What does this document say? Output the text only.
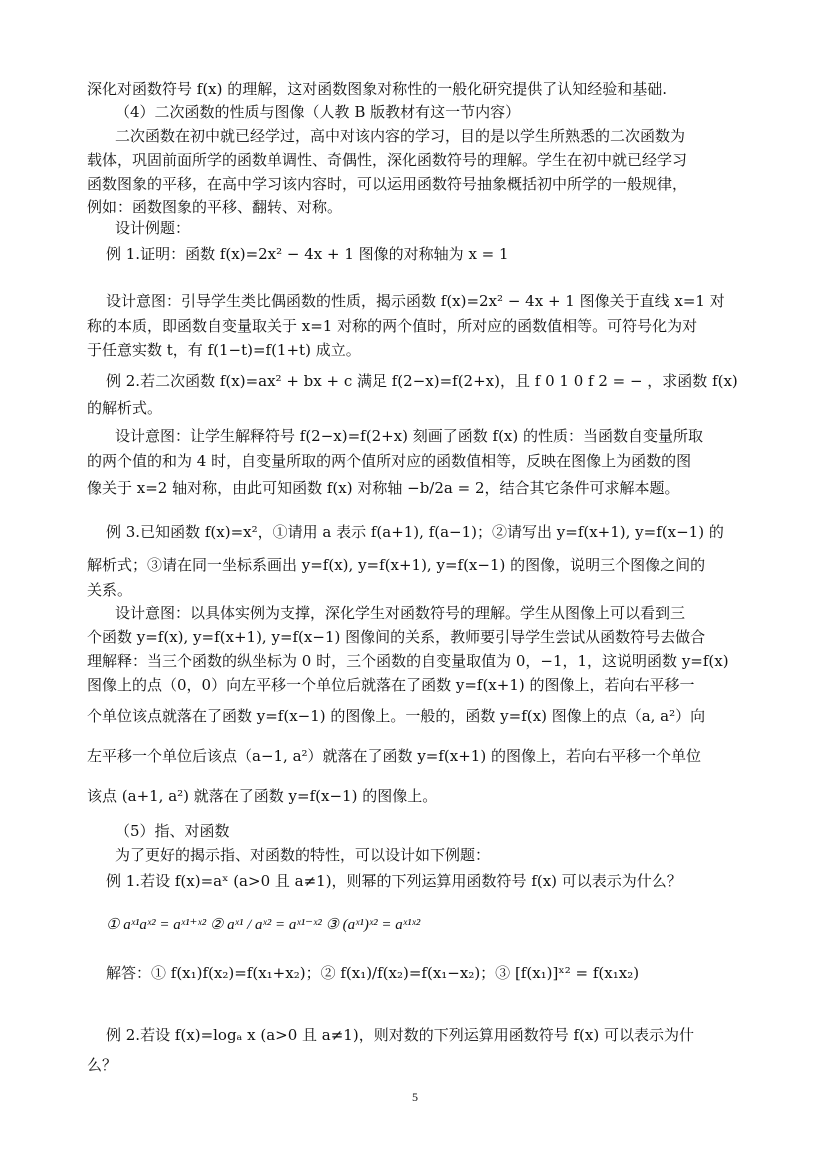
深化对函数符号 f(x) 的理解，这对函数图象对称性的一般化研究提供了认知经验和基础.
（4）二次函数的性质与图像（人教 B 版教材有这一节内容）
二次函数在初中就已经学过，高中对该内容的学习，目的是以学生所熟悉的二次函数为
载体，巩固前面所学的函数单调性、奇偶性，深化函数符号的理解。学生在初中就已经学习
函数图象的平移，在高中学习该内容时，可以运用函数符号抽象概括初中所学的一般规律，
例如：函数图象的平移、翻转、对称。
设计例题：
例 1.证明：函数 f(x)=2x² − 4x + 1 图像的对称轴为 x = 1
设计意图：引导学生类比偶函数的性质，揭示函数 f(x)=2x² − 4x + 1 图像关于直线 x=1 对
称的本质，即函数自变量取关于 x=1 对称的两个值时，所对应的函数值相等。可符号化为对
于任意实数 t，有 f(1−t)=f(1+t) 成立。
例 2.若二次函数 f(x)=ax² + bx + c 满足 f(2−x)=f(2+x)，且 f 0 1 0 f 2 = − ，求函数 f(x)
的解析式。
设计意图：让学生解释符号 f(2−x)=f(2+x) 刻画了函数 f(x) 的性质：当函数自变量所取
的两个值的和为 4 时，自变量所取的两个值所对应的函数值相等，反映在图像上为函数的图
像关于 x=2 轴对称，由此可知函数 f(x) 对称轴 −b/2a = 2，结合其它条件可求解本题。
例 3.已知函数 f(x)=x²，①请用 a 表示 f(a+1), f(a−1)；②请写出 y=f(x+1), y=f(x−1) 的
解析式；③请在同一坐标系画出 y=f(x), y=f(x+1), y=f(x−1) 的图像，说明三个图像之间的
关系。
设计意图：以具体实例为支撑，深化学生对函数符号的理解。学生从图像上可以看到三
个函数 y=f(x), y=f(x+1), y=f(x−1) 图像间的关系，教师要引导学生尝试从函数符号去做合
理解释：当三个函数的纵坐标为 0 时，三个函数的自变量取值为 0，−1，1，这说明函数 y=f(x)
图像上的点（0，0）向左平移一个单位后就落在了函数 y=f(x+1) 的图像上，若向右平移一
个单位该点就落在了函数 y=f(x−1) 的图像上。一般的，函数 y=f(x) 图像上的点（a, a²）向
左平移一个单位后该点（a−1, a²）就落在了函数 y=f(x+1) 的图像上，若向右平移一个单位
该点 (a+1, a²) 就落在了函数 y=f(x−1) 的图像上。
（5）指、对函数
为了更好的揭示指、对函数的特性，可以设计如下例题：
例 1.若设 f(x)=aˣ (a>0 且 a≠1)，则幂的下列运算用函数符号 f(x) 可以表示为什么？
① aˣ¹aˣ² = aˣ¹⁺ˣ² ② aˣ¹ / aˣ² = aˣ¹⁻ˣ² ③ (aˣ¹)ˣ² = aˣ¹ˣ²
解答：① f(x₁)f(x₂)=f(x₁+x₂)；② f(x₁)/f(x₂)=f(x₁−x₂)；③ [f(x₁)]ˣ² = f(x₁x₂)
例 2.若设 f(x)=logₐ x (a>0 且 a≠1)，则对数的下列运算用函数符号 f(x) 可以表示为什
么？
5
